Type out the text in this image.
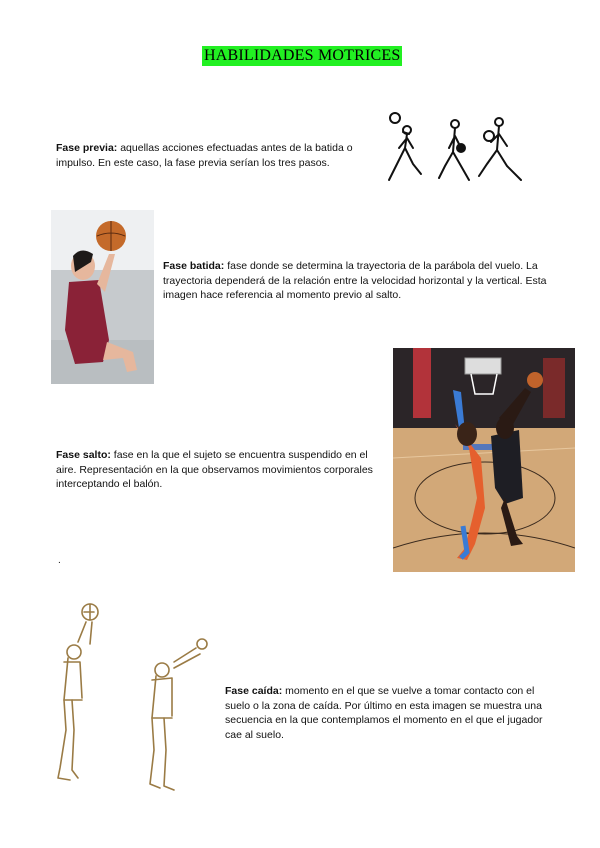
HABILIDADES MOTRICES
Fase previa: aquellas acciones efectuadas antes de la batida o impulso. En este caso, la fase previa serían los tres pasos.
Fase batida: fase donde se determina la trayectoria de la parábola del vuelo. La trayectoria dependerá de la relación entre la velocidad horizontal y la vertical. Esta imagen hace referencia al momento previo al salto.
Fase salto: fase en la que el sujeto se encuentra suspendido en el aire. Representación en la que observamos movimientos corporales interceptando el balón.
.
Fase caída: momento en el que se vuelve a tomar contacto con el suelo o la zona de caída. Por último en esta imagen se muestra una secuencia en la que contemplamos el momento en el que el jugador cae al suelo.
